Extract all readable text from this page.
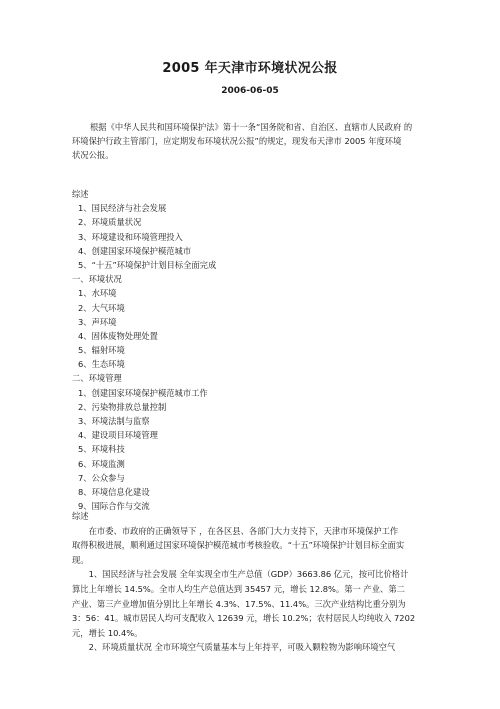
2005 年天津市环境状况公报
2006-06-05
根据《中华人民共和国环境保护法》第十一条“国务院和省、自治区、直辖市人民政府 的
环境保护行政主管部门，应定期发布环境状况公报”的规定，现发布天津市 2005 年度环境
状况公报。
综述
1、国民经济与社会发展
2、环境质量状况
3、环境建设和环境管理投入
4、创建国家环境保护模范城市
5、“十五”环境保护计划目标全面完成
一、环境状况
1、水环境
2、大气环境
3、声环境
4、固体废物处理处置
5、辐射环境
6、生态环境
二、环境管理
1、创建国家环境保护模范城市工作
2、污染物排放总量控制
3、环境法制与监察
4、建设项目环境管理
5、环境科技
6、环境监测
7、公众参与
8、环境信息化建设
9、国际合作与交流
综述
　　在市委、市政府的正确领导下 ，在各区县、各部门大力支持下，天津市环境保护工作
取得积极进展，顺利通过国家环境保护模范城市考核验收。“十五”环境保护计划目标全面实
现。
　　1、国民经济与社会发展 全年实现全市生产总值（GDP）3663.86 亿元，按可比价格计
算比上年增长 14.5%。全市人均生产总值达到 35457 元，增长 12.8%。第一 产业、第二
产业、第三产业增加值分别比上年增长 4.3%、17.5%、11.4%。三次产业结构比重分别为
3：56：41。城市居民人均可支配收入 12639 元，增长 10.2%；农村居民人均纯收入 7202
元，增长 10.4%。
　　2、环境质量状况 全市环境空气质量基本与上年持平，可吸入颗粒物为影响环境空气
